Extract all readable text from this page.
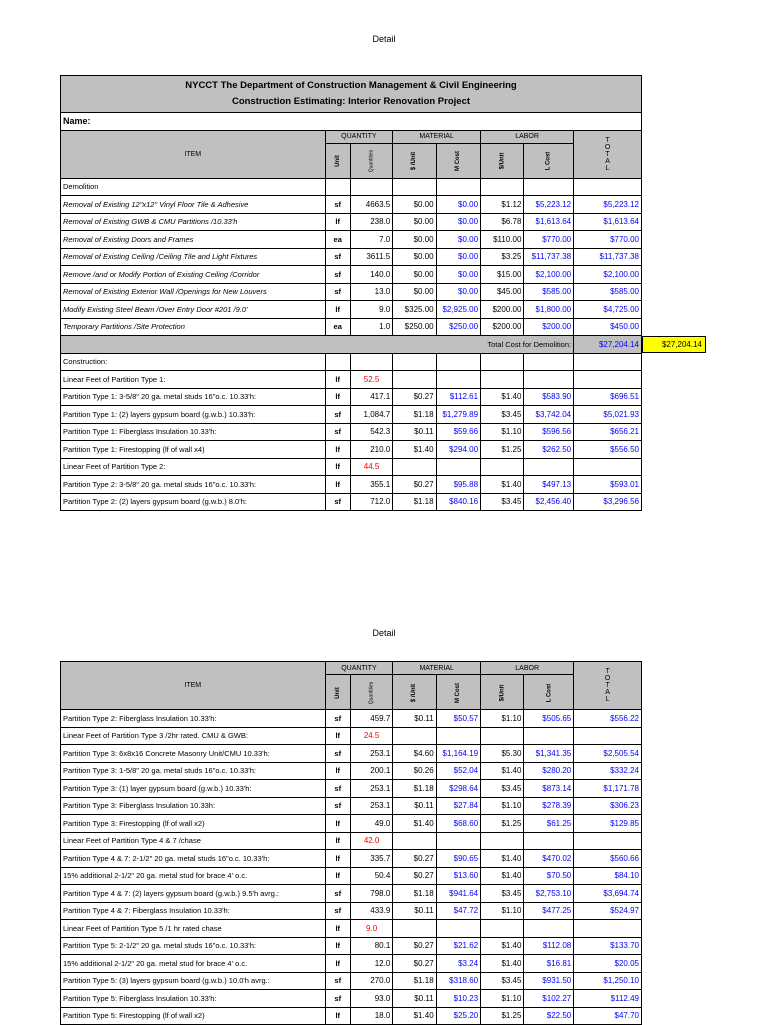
Detail
NYCCT The Department of Construction Management & Civil Engineering
Construction Estimating: Interior Renovation Project							

Name:							
ITEM	QUANTITY		MATERIAL		LABOR		T
O
T
A
L
	Unit	Quantities	$ /Unit	M Cost	$/Unit	L Cost	
Demolition							
Removal of Existing 12"x12" Vinyl Floor Tile & Adhesive	sf	4663.5	$0.00	$0.00	$1.12	$5,223.12	$5,223.12
Removal of Existing GWB & CMU Partitions /10.33'h	lf	238.0	$0.00	$0.00	$6.78	$1,613.64	$1,613.64
Removal of Existing Doors and Frames	ea	7.0	$0.00	$0.00	$110.00	$770.00	$770.00
Removal of Existing Ceiling /Ceiling Tile and Light Fixtures	sf	3611.5	$0.00	$0.00	$3.25	$11,737.38	$11,737.38
Remove /and or Modify Portion of Existing Ceiling /Corridor	sf	140.0	$0.00	$0.00	$15.00	$2,100.00	$2,100.00
Removal of Existing Exterior Wall /Openings for New Louvers	sf	13.0	$0.00	$0.00	$45.00	$585.00	$585.00
Modify Existing Steel Beam /Over Entry Door #201 /9.0'	lf	9.0	$325.00	$2,925.00	$200.00	$1,800.00	$4,725.00
Temporary Partitions /Site Protection	ea	1.0	$250.00	$250.00	$200.00	$200.00	$450.00
Total Cost for Demolition:							$27,204.14
Construction:							
Linear Feet of Partition Type 1:	lf	52.5					
Partition Type 1: 3-5/8" 20 ga. metal studs 16"o.c. 10.33'h:	lf	417.1	$0.27	$112.61	$1.40	$583.90	$696.51
Partition Type 1: (2) layers gypsum board (g.w.b.) 10.33'h:	sf	1,084.7	$1.18	$1,279.89	$3.45	$3,742.04	$5,021.93
Partition Type 1: Fiberglass Insulation 10.33'h:	sf	542.3	$0.11	$59.66	$1.10	$596.56	$656.21
Partition Type 1: Firestopping (lf of wall x4)	lf	210.0	$1.40	$294.00	$1.25	$262.50	$556.50
Linear Feet of Partition Type 2:	lf	44.5					
Partition Type 2: 3-5/8" 20 ga. metal studs 16"o.c. 10.33'h:	lf	355.1	$0.27	$95.88	$1.40	$497.13	$593.01
Partition Type 2: (2) layers gypsum board (g.w.b.) 8.0'h:	sf	712.0	$1.18	$840.16	$3.45	$2,456.40	$3,296.56
$27,204.14
Detail
ITEM	QUANTITY		MATERIAL		LABOR		T
O
T
A
L
	Unit	Quantities	$ /Unit	M Cost	$/Unit	L Cost	
Partition Type 2: Fiberglass Insulation 10.33'h:	sf	459.7	$0.11	$50.57	$1.10	$505.65	$556.22
Linear Feet of Partition Type 3 /2hr rated. CMU & GWB:	lf	24.5					
Partition Type 3: 6x8x16 Concrete Masonry Unit/CMU 10.33'h:	sf	253.1	$4.60	$1,164.19	$5.30	$1,341.35	$2,505.54
Partition Type 3: 1-5/8" 20 ga. metal studs 16"o.c. 10.33'h:	lf	200.1	$0.26	$52.04	$1.40	$280.20	$332.24
Partition Type 3: (1) layer gypsum board (g.w.b.) 10.33'h:	sf	253.1	$1.18	$298.64	$3.45	$873.14	$1,171.78
Partition Type 3: Fiberglass Insulation 10.33h:	sf	253.1	$0.11	$27.84	$1.10	$278.39	$306.23
Partition Type 3: Firestopping (lf of wall x2)	lf	49.0	$1.40	$68.60	$1.25	$61.25	$129.85
Linear Feet of Partition Type 4 & 7 /chase	lf	42.0					
Partition Type 4 & 7: 2-1/2" 20 ga. metal studs 16"o.c. 10.33'h:	lf	335.7	$0.27	$90.65	$1.40	$470.02	$560.66
15% additional 2-1/2" 20 ga. metal stud for brace 4' o.c.	lf	50.4	$0.27	$13.60	$1.40	$70.50	$84.10
Partition Type 4 & 7: (2) layers gypsum board (g.w.b.) 9.5'h avrg.:	sf	798.0	$1.18	$941.64	$3.45	$2,753.10	$3,694.74
Partition Type 4 & 7: Fiberglass Insulation 10.33'h:	sf	433.9	$0.11	$47.72	$1.10	$477.25	$524.97
Linear Feet of Partition Type 5 /1 hr rated chase	lf	9.0					
Partition Type 5: 2-1/2" 20 ga. metal studs 16"o.c. 10.33'h:	lf	80.1	$0.27	$21.62	$1.40	$112.08	$133.70
15% additional 2-1/2" 20 ga. metal stud for brace 4' o.c.	lf	12.0	$0.27	$3.24	$1.40	$16.81	$20.05
Partition Type 5: (3) layers gypsum board (g.w.b.) 10.0'h avrg.:	sf	270.0	$1.18	$318.60	$3.45	$931.50	$1,250.10
Partition Type 5: Fiberglass Insulation 10.33'h:	sf	93.0	$0.11	$10.23	$1.10	$102.27	$112.49
Partition Type 5: Firestopping (lf of wall x2)	lf	18.0	$1.40	$25.20	$1.25	$22.50	$47.70
